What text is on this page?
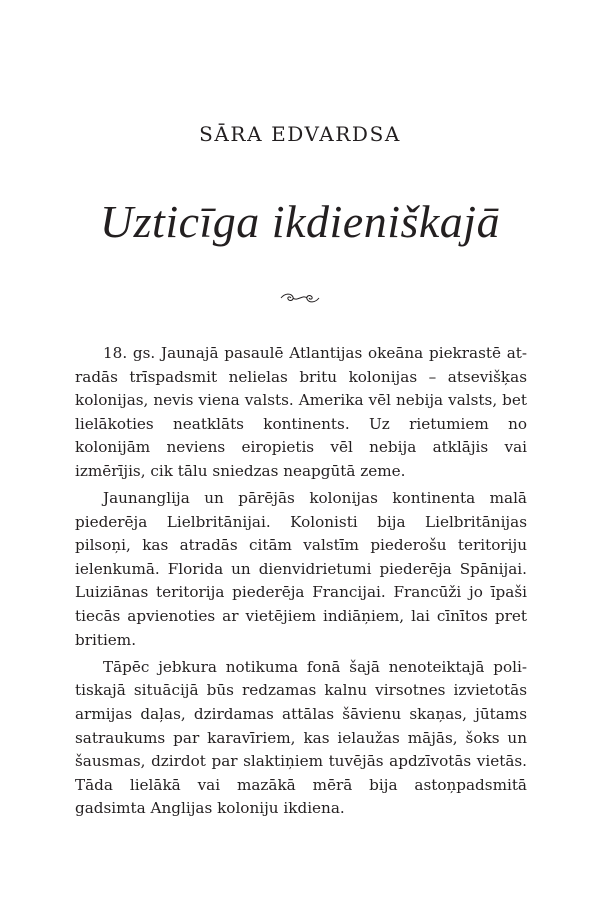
SĀRA EDVARDSA
Uzticīga ikdieniškajā

18. gs. Jaunajā pasaulē Atlantijas okeāna piekrastē atradās trīspadsmit nelielas britu kolonijas – atsevišķas kolonijas, nevis viena valsts. Amerika vēl nebija valsts, bet lielākoties neatklāts kontinents. Uz rietumiem no kolonijām neviens eiropietis vēl nebija atklājis vai izmērījis, cik tālu sniedzas neapgūtā zeme.

Jaunanglija un pārējās kolonijas kontinenta malā piederēja Lielbritānijai. Kolonisti bija Lielbritānijas pilsoņi, kas atradās citām valstīm piederošu teritoriju ielenkumā. Florida un dienvidrietumi piederēja Spānijai. Luiziānas teritorija piederēja Francijai. Francūži jo īpaši tiecās apvienoties ar vietējiem indiāņiem, lai cīnītos pret britiem.

Tāpēc jebkura notikuma fonā šajā nenoteiktajā politiskajā situācijā būs redzamas kalnu virsotnes izvietotās armijas daļas, dzirdamas attālas šāvienu skaņas, jūtams satraukums par karavīriem, kas ielaužas mājās, šoks un šausmas, dzirdot par slaktiņiem tuvējās apdzīvotās vietās. Tāda lielākā vai mazākā mērā bija astoņpadsmitā gadsimta Anglijas koloniju ikdiena.
